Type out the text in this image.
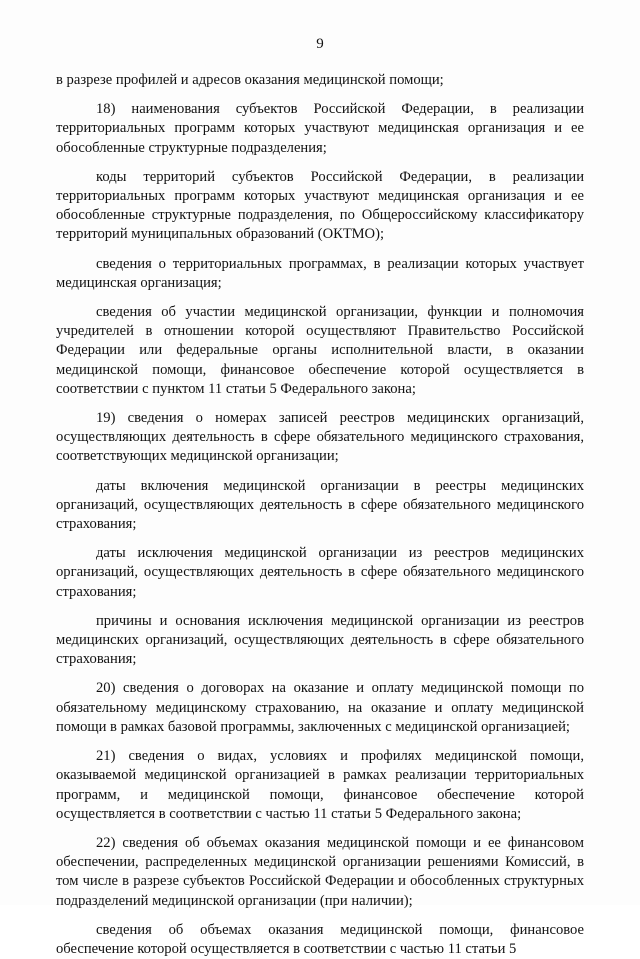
9

в разрезе профилей и адресов оказания медицинской помощи;

18) наименования субъектов Российской Федерации, в реализации территориальных программ которых участвуют медицинская организация и ее обособленные структурные подразделения;

коды территорий субъектов Российской Федерации, в реализации территориальных программ которых участвуют медицинская организация и ее обособленные структурные подразделения, по Общероссийскому классификатору территорий муниципальных образований (ОКТМО);

сведения о территориальных программах, в реализации которых участвует медицинская организация;

сведения об участии медицинской организации, функции и полномочия учредителей в отношении которой осуществляют Правительство Российской Федерации или федеральные органы исполнительной власти, в оказании медицинской помощи, финансовое обеспечение которой осуществляется в соответствии с пунктом 11 статьи 5 Федерального закона;

19) сведения о номерах записей реестров медицинских организаций, осуществляющих деятельность в сфере обязательного медицинского страхования, соответствующих медицинской организации;

даты включения медицинской организации в реестры медицинских организаций, осуществляющих деятельность в сфере обязательного медицинского страхования;

даты исключения медицинской организации из реестров медицинских организаций, осуществляющих деятельность в сфере обязательного медицинского страхования;

причины и основания исключения медицинской организации из реестров медицинских организаций, осуществляющих деятельность в сфере обязательного страхования;

20) сведения о договорах на оказание и оплату медицинской помощи по обязательному медицинскому страхованию, на оказание и оплату медицинской помощи в рамках базовой программы, заключенных с медицинской организацией;

21) сведения о видах, условиях и профилях медицинской помощи, оказываемой медицинской организацией в рамках реализации территориальных программ, и медицинской помощи, финансовое обеспечение которой осуществляется в соответствии с частью 11 статьи 5 Федерального закона;

22) сведения об объемах оказания медицинской помощи и ее финансовом обеспечении, распределенных медицинской организации решениями Комиссий, в том числе в разрезе субъектов Российской Федерации и обособленных структурных подразделений медицинской организации (при наличии);

сведения об объемах оказания медицинской помощи, финансовое обеспечение которой осуществляется в соответствии с частью 11 статьи 5
